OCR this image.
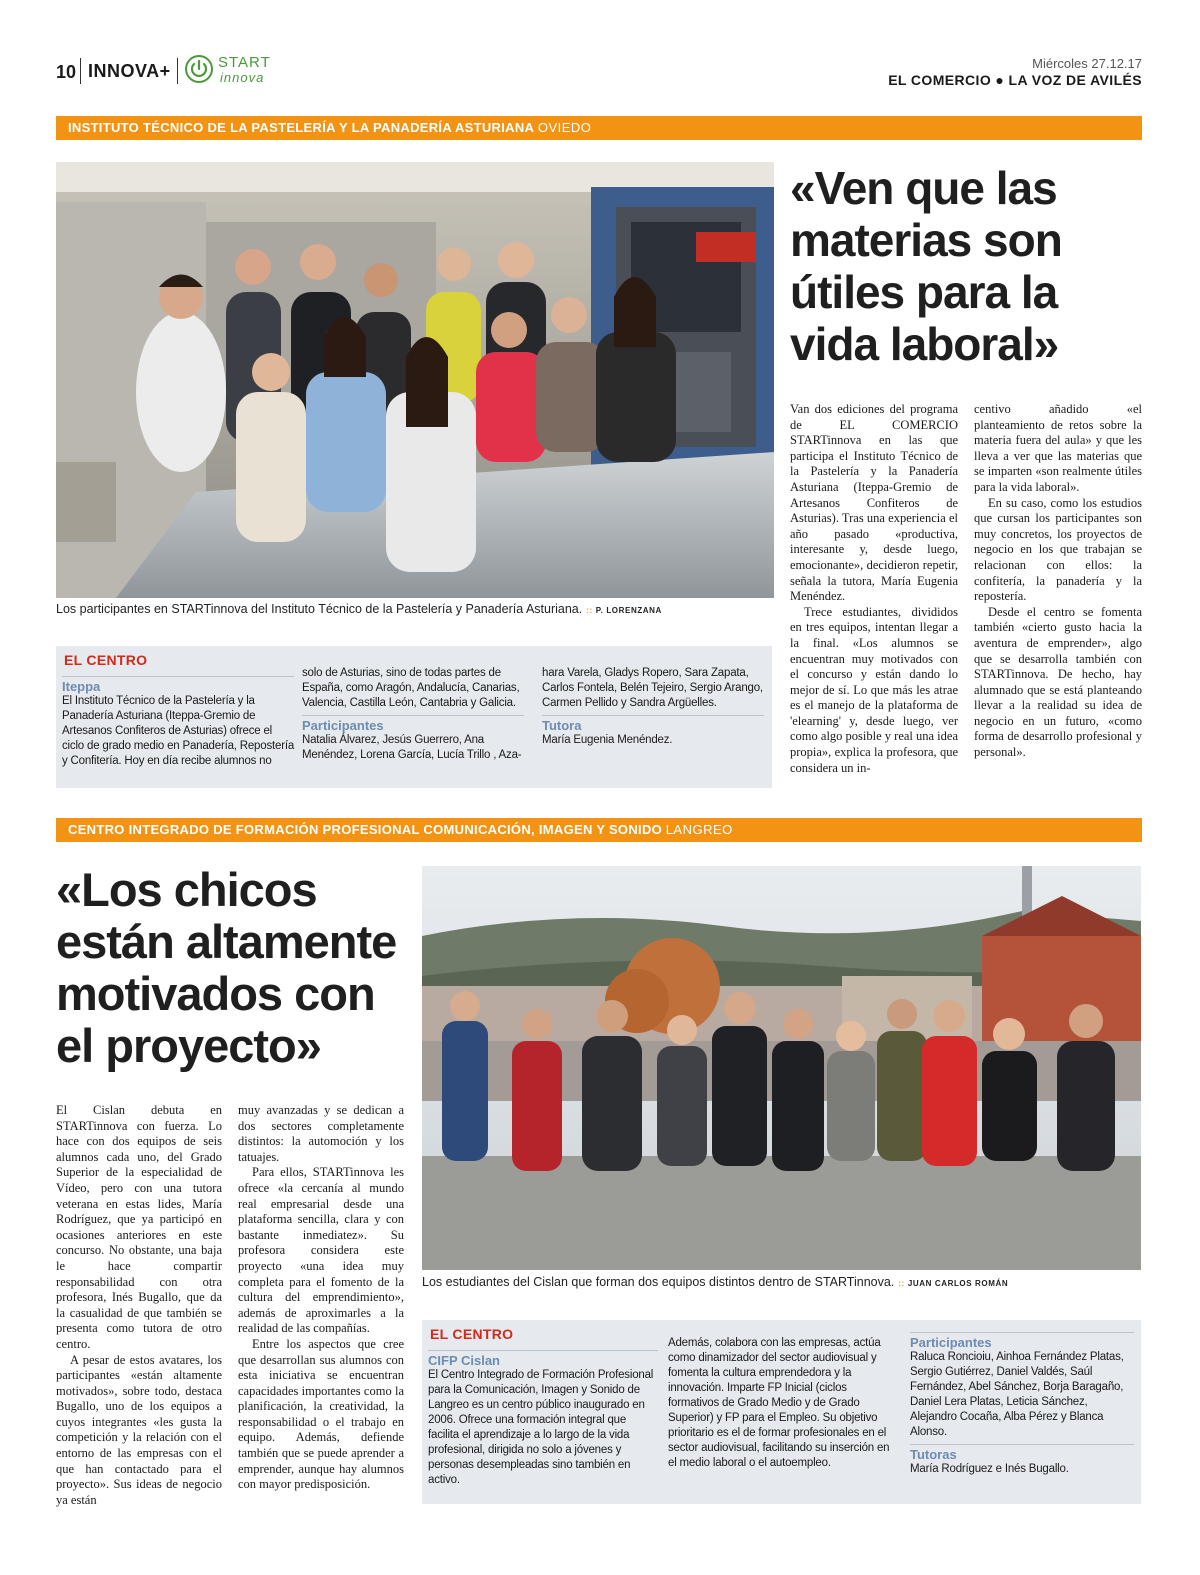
10 INNOVA+	START
innova
Miércoles 27.12.17
EL COMERCIO ● LA VOZ DE AVILÉS
INSTITUTO TÉCNICO DE LA PASTELERÍA Y LA PANADERÍA ASTURIANA OVIEDO
Los participantes en STARTinnova del Instituto Técnico de la Pastelería y Panadería Asturiana. :: P. LORENZANA
«Ven que las materias son útiles para la vida laboral»

Van dos ediciones del programa de EL COMERCIO STARTinnova en las que participa el Instituto Técnico de la Pastelería y la Panadería Asturiana (Iteppa-Gremio de Artesanos Confiteros de Asturias). Tras una experiencia el año pasado «productiva, interesante y, desde luego, emocionante», decidieron repetir, señala la tutora, María Eugenia Menéndez.

Trece estudiantes, divididos en tres equipos, intentan llegar a la final. «Los alumnos se encuentran muy motivados con el concurso y están dando lo mejor de sí. Lo que más les atrae es el manejo de la plataforma de 'elearning' y, desde luego, ver como algo posible y real una idea propia», explica la profesora, que considera un in-

centivo añadido «el planteamiento de retos sobre la materia fuera del aula» y que les lleva a ver que las materias que se imparten «son realmente útiles para la vida laboral».

En su caso, como los estudios que cursan los participantes son muy concretos, los proyectos de negocio en los que trabajan se relacionan con ellos: la confitería, la panadería y la repostería.

Desde el centro se fomenta también «cierto gusto hacia la aventura de emprender», algo que se desarrolla también con STARTinnova. De hecho, hay alumnado que se está planteando llevar a la realidad su idea de negocio en un futuro, «como forma de desarrollo profesional y personal».

EL CENTRO
Iteppa
El Instituto Técnico de la Pastelería y la Panadería Asturiana (Iteppa-Gremio de Artesanos Confiteros de Asturias) ofrece el ciclo de grado medio en Panadería, Repostería y Confitería. Hoy en día recibe alumnos no
solo de Asturias, sino de todas partes de España, como Aragón, Andalucía, Canarias, Valencia, Castilla León, Cantabria y Galicia.
Participantes
Natalia Álvarez, Jesús Guerrero, Ana Menéndez, Lorena García, Lucía Trillo , Aza-
hara Varela, Gladys Ropero, Sara Zapata, Carlos Fontela, Belén Tejeiro, Sergio Arango, Carmen Pellido y Sandra Argüelles.
Tutora
María Eugenia Menéndez.
CENTRO INTEGRADO DE FORMACIÓN PROFESIONAL COMUNICACIÓN, IMAGEN Y SONIDO LANGREO
«Los chicos están altamente motivados con el proyecto»
Los estudiantes del Cislan que forman dos equipos distintos dentro de STARTinnova. :: JUAN CARLOS ROMÁN

El Cislan debuta en STARTinnova con fuerza. Lo hace con dos equipos de seis alumnos cada uno, del Grado Superior de la especialidad de Vídeo, pero con una tutora veterana en estas lides, María Rodríguez, que ya participó en ocasiones anteriores en este concurso. No obstante, una baja le hace compartir responsabilidad con otra profesora, Inés Bugallo, que da la casualidad de que también se presenta como tutora de otro centro.

A pesar de estos avatares, los participantes «están altamente motivados», sobre todo, destaca Bugallo, uno de los equipos a cuyos integrantes «les gusta la competición y la relación con el entorno de las empresas con el que han contactado para el proyecto». Sus ideas de negocio ya están

muy avanzadas y se dedican a dos sectores completamente distintos: la automoción y los tatuajes.

Para ellos, STARTinnova les ofrece «la cercanía al mundo real empresarial desde una plataforma sencilla, clara y con bastante inmediatez». Su profesora considera este proyecto «una idea muy completa para el fomento de la cultura del emprendimiento», además de aproximarles a la realidad de las compañías.

Entre los aspectos que cree que desarrollan sus alumnos con esta iniciativa se encuentran capacidades importantes como la planificación, la creatividad, la responsabilidad o el trabajo en equipo. Además, defiende también que se puede aprender a emprender, aunque hay alumnos con mayor predisposición.

EL CENTRO
CIFP Cislan
El Centro Integrado de Formación Profesional para la Comunicación, Imagen y Sonido de Langreo es un centro público inaugurado en 2006. Ofrece una formación integral que facilita el aprendizaje a lo largo de la vida profesional, dirigida no solo a jóvenes y personas desempleadas sino también en activo.
Además, colabora con las empresas, actúa como dinamizador del sector audiovisual y fomenta la cultura emprendedora y la innovación. Imparte FP Inicial (ciclos formativos de Grado Medio y de Grado Superior) y FP para el Empleo. Su objetivo prioritario es el de formar profesionales en el sector audiovisual, facilitando su inserción en el medio laboral o el autoempleo.
Participantes
Raluca Roncioiu, Ainhoa Fernández Platas, Sergio Gutiérrez, Daniel Valdés, Saúl Fernández, Abel Sánchez, Borja Baragaño, Daniel Lera Platas, Leticia Sánchez, Alejandro Cocaña, Alba Pérez y Blanca Alonso.
Tutoras
María Rodríguez e Inés Bugallo.
